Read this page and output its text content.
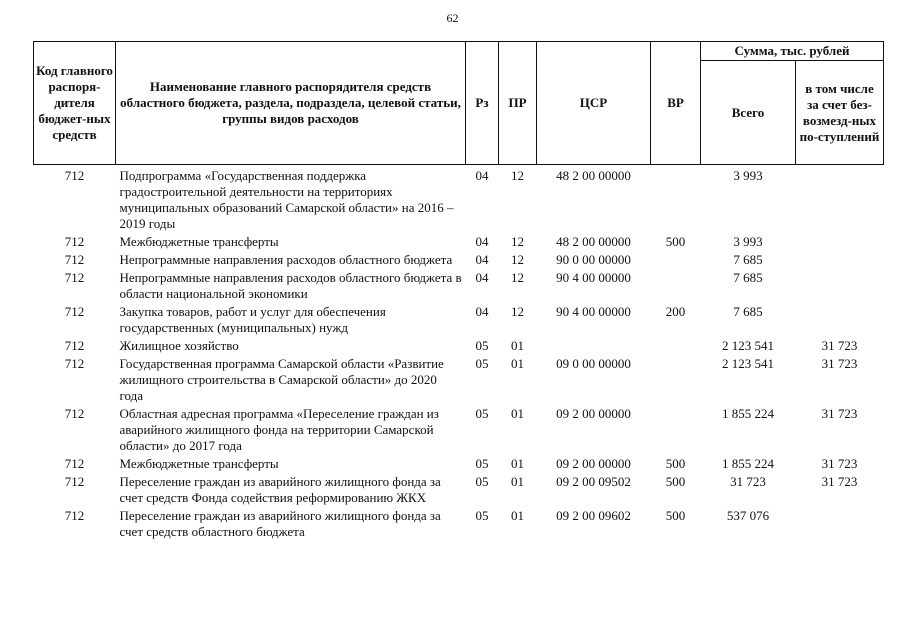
62
Код главного распоря-дителя бюджет-ных средств	Наименование главного распорядителя средств областного бюджета, раздела, подраздела, целевой статьи, группы видов расходов	Рз	ПР	ЦСР	ВР	Сумма, тыс. рублей	
						Всего	в том числе за счет без-возмезд-ных по-ступлений
712	Подпрограмма «Государственная поддержка градостроительной деятельности на территориях муниципальных образований Самарской области» на 2016 – 2019 годы	04	12	48 2 00 00000		3 993	
712	Межбюджетные трансферты	04	12	48 2 00 00000	500	3 993	
712	Непрограммные направления расходов областного бюджета	04	12	90 0 00 00000		7 685	
712	Непрограммные направления расходов областного бюджета в области национальной экономики	04	12	90 4 00 00000		7 685	
712	Закупка товаров, работ и услуг для обеспечения государственных (муниципальных) нужд	04	12	90 4 00 00000	200	7 685	
712	Жилищное хозяйство	05	01			2 123 541	31 723
712	Государственная программа Самарской области «Развитие жилищного строительства в Самарской области» до 2020 года	05	01	09 0 00 00000		2 123 541	31 723
712	Областная адресная программа «Переселение граждан из аварийного жилищного фонда на территории Самарской области» до 2017 года	05	01	09 2 00 00000		1 855 224	31 723
712	Межбюджетные трансферты	05	01	09 2 00 00000	500	1 855 224	31 723
712	Переселение граждан из аварийного жилищного фонда за счет средств Фонда содействия реформированию ЖКХ	05	01	09 2 00 09502	500	31 723	31 723
712	Переселение граждан из аварийного жилищного фонда за счет средств областного бюджета	05	01	09 2 00 09602	500	537 076	
